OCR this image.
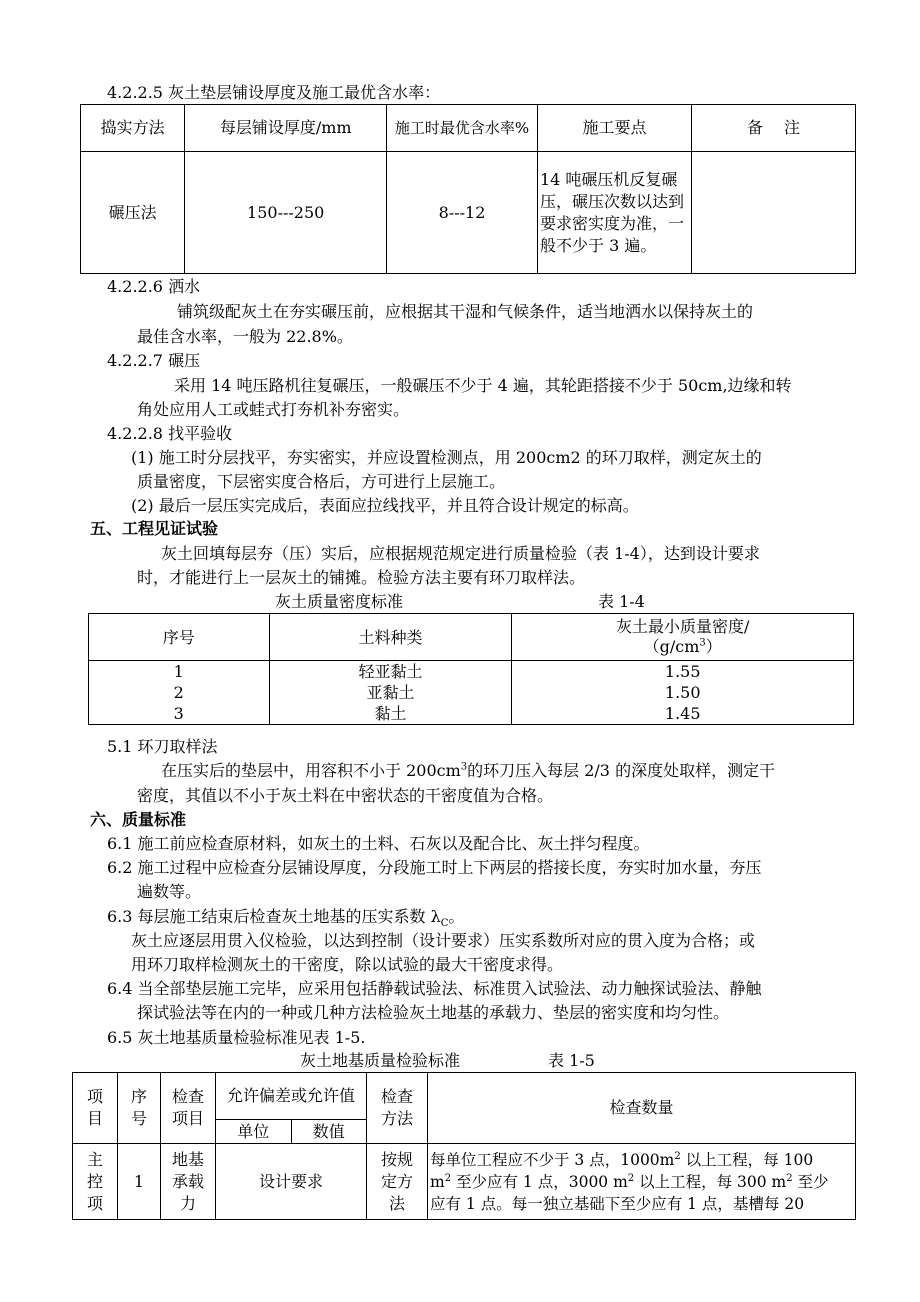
4.2.2.5 灰土垫层铺设厚度及施工最优含水率：
捣实方法	每层铺设厚度/mm	施工时最优含水率%	施工要点	备　 注
碾压法	150---250	8---12	14 吨碾压机反复碾压，碾压次数以达到要求密实度为准，一般不少于 3 遍。	
4.2.2.6 洒水
铺筑级配灰土在夯实碾压前，应根据其干湿和气候条件，适当地洒水以保持灰土的
最佳含水率，一般为 22.8%。
4.2.2.7 碾压
采用 14 吨压路机往复碾压，一般碾压不少于 4 遍，其轮距搭接不少于 50cm,边缘和转
角处应用人工或蛙式打夯机补夯密实。
4.2.2.8 找平验收
(1) 施工时分层找平，夯实密实，并应设置检测点，用 200cm2 的环刀取样，测定灰土的
质量密度，下层密实度合格后，方可进行上层施工。
(2) 最后一层压实完成后，表面应拉线找平，并且符合设计规定的标高。
五、工程见证试验
灰土回填每层夯（压）实后，应根据规范规定进行质量检验（表 1-4），达到设计要求
时，才能进行上一层灰土的铺摊。检验方法主要有环刀取样法。
灰土质量密度标准	表 1-4
序号	土料种类	灰土最小质量密度/
$(g/cm^3)$
1	轻亚黏土	1.55
2	亚黏土	1.50
3	黏土	1.45
5.1 环刀取样法
在压实后的垫层中，用容积不小于 $200cm^3$的环刀压入每层 2/3 的深度处取样，测定干
密度，其值以不小于灰土料在中密状态的干密度值为合格。
六、质量标准
6.1 施工前应检查原材料，如灰土的土料、石灰以及配合比、灰土拌匀程度。
6.2 施工过程中应检查分层铺设厚度，分段施工时上下两层的搭接长度，夯实时加水量，夯压
遍数等。
6.3 每层施工结束后检查灰土地基的压实系数 $\lambda_C$。
灰土应逐层用贯入仪检验，以达到控制（设计要求）压实系数所对应的贯入度为合格；或
用环刀取样检测灰土的干密度，除以试验的最大干密度求得。
6.4 当全部垫层施工完毕，应采用包括静载试验法、标准贯入试验法、动力触探试验法、静触
探试验法等在内的一种或几种方法检验灰土地基的承载力、垫层的密实度和均匀性。
6.5 灰土地基质量检验标准见表 1-5.
灰土地基质量检验标准	表 1-5
项目	序号	检查项目	允许偏差或允许值		检查方法	检查数量
			单位	数值		
主控项	1	地基承载力	设计要求		按规定方法	每单位工程应不少于 3 点，$1000m^2$ 以上工程，每 100
$m^2$ 至少应有 1 点，3000 $m^2$ 以上工程，每 300 $m^2$ 至少
应有 1 点。每一独立基础下至少应有 1 点，基槽每 20
